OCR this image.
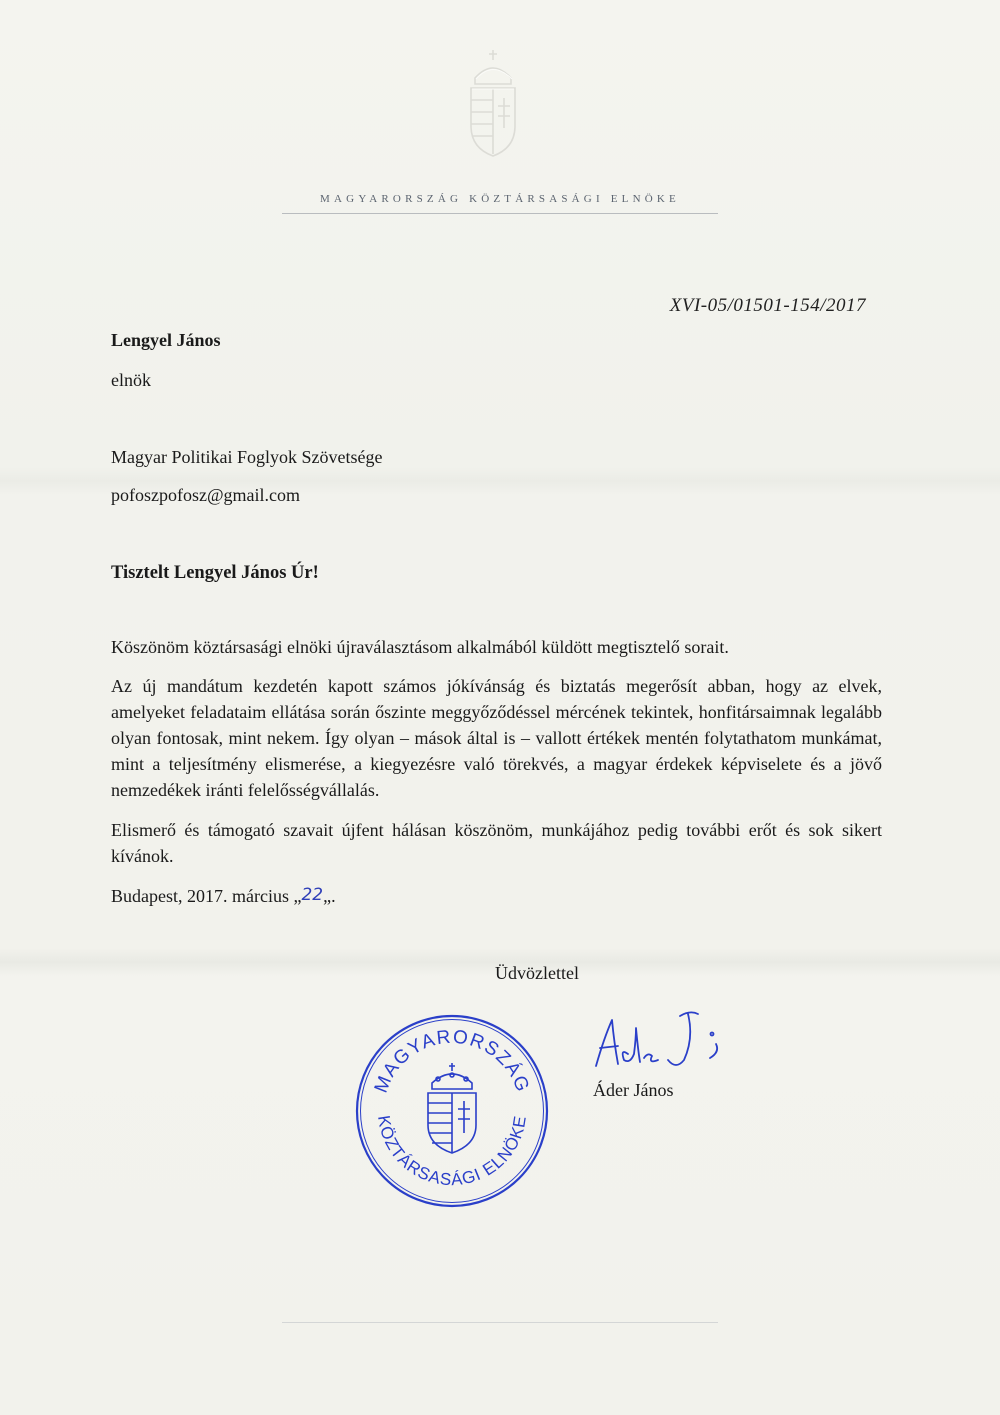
MAGYARORSZÁG KÖZTÁRSASÁGI ELNÖKE
XVI-05/01501-154/2017
Lengyel János
elnök
Magyar Politikai Foglyok Szövetsége
pofoszpofosz@gmail.com
Tisztelt Lengyel János Úr!

Köszönöm köztársasági elnöki újraválasztásom alkalmából küldött megtisztelő sorait.

Az új mandátum kezdetén kapott számos jókívánság és biztatás megerősít abban, hogy az elvek, amelyeket feladataim ellátása során őszinte meggyőződéssel mércének tekintek, honfitársaimnak legalább olyan fontosak, mint nekem. Így olyan – mások által is – vallott értékek mentén folytathatom munkámat, mint a teljesítmény elismerése, a kiegyezésre való törekvés, a magyar érdekek képviselete és a jövő nemzedékek iránti felelősségvállalás.

Elismerő és támogató szavait újfent hálásan köszönöm, munkájához pedig további erőt és sok sikert kívánok.

Budapest, 2017. március „22„.
Üdvözlettel
MAGYARORSZÁG
KÖZTÁRSASÁGI ELNÖKE
Áder János
